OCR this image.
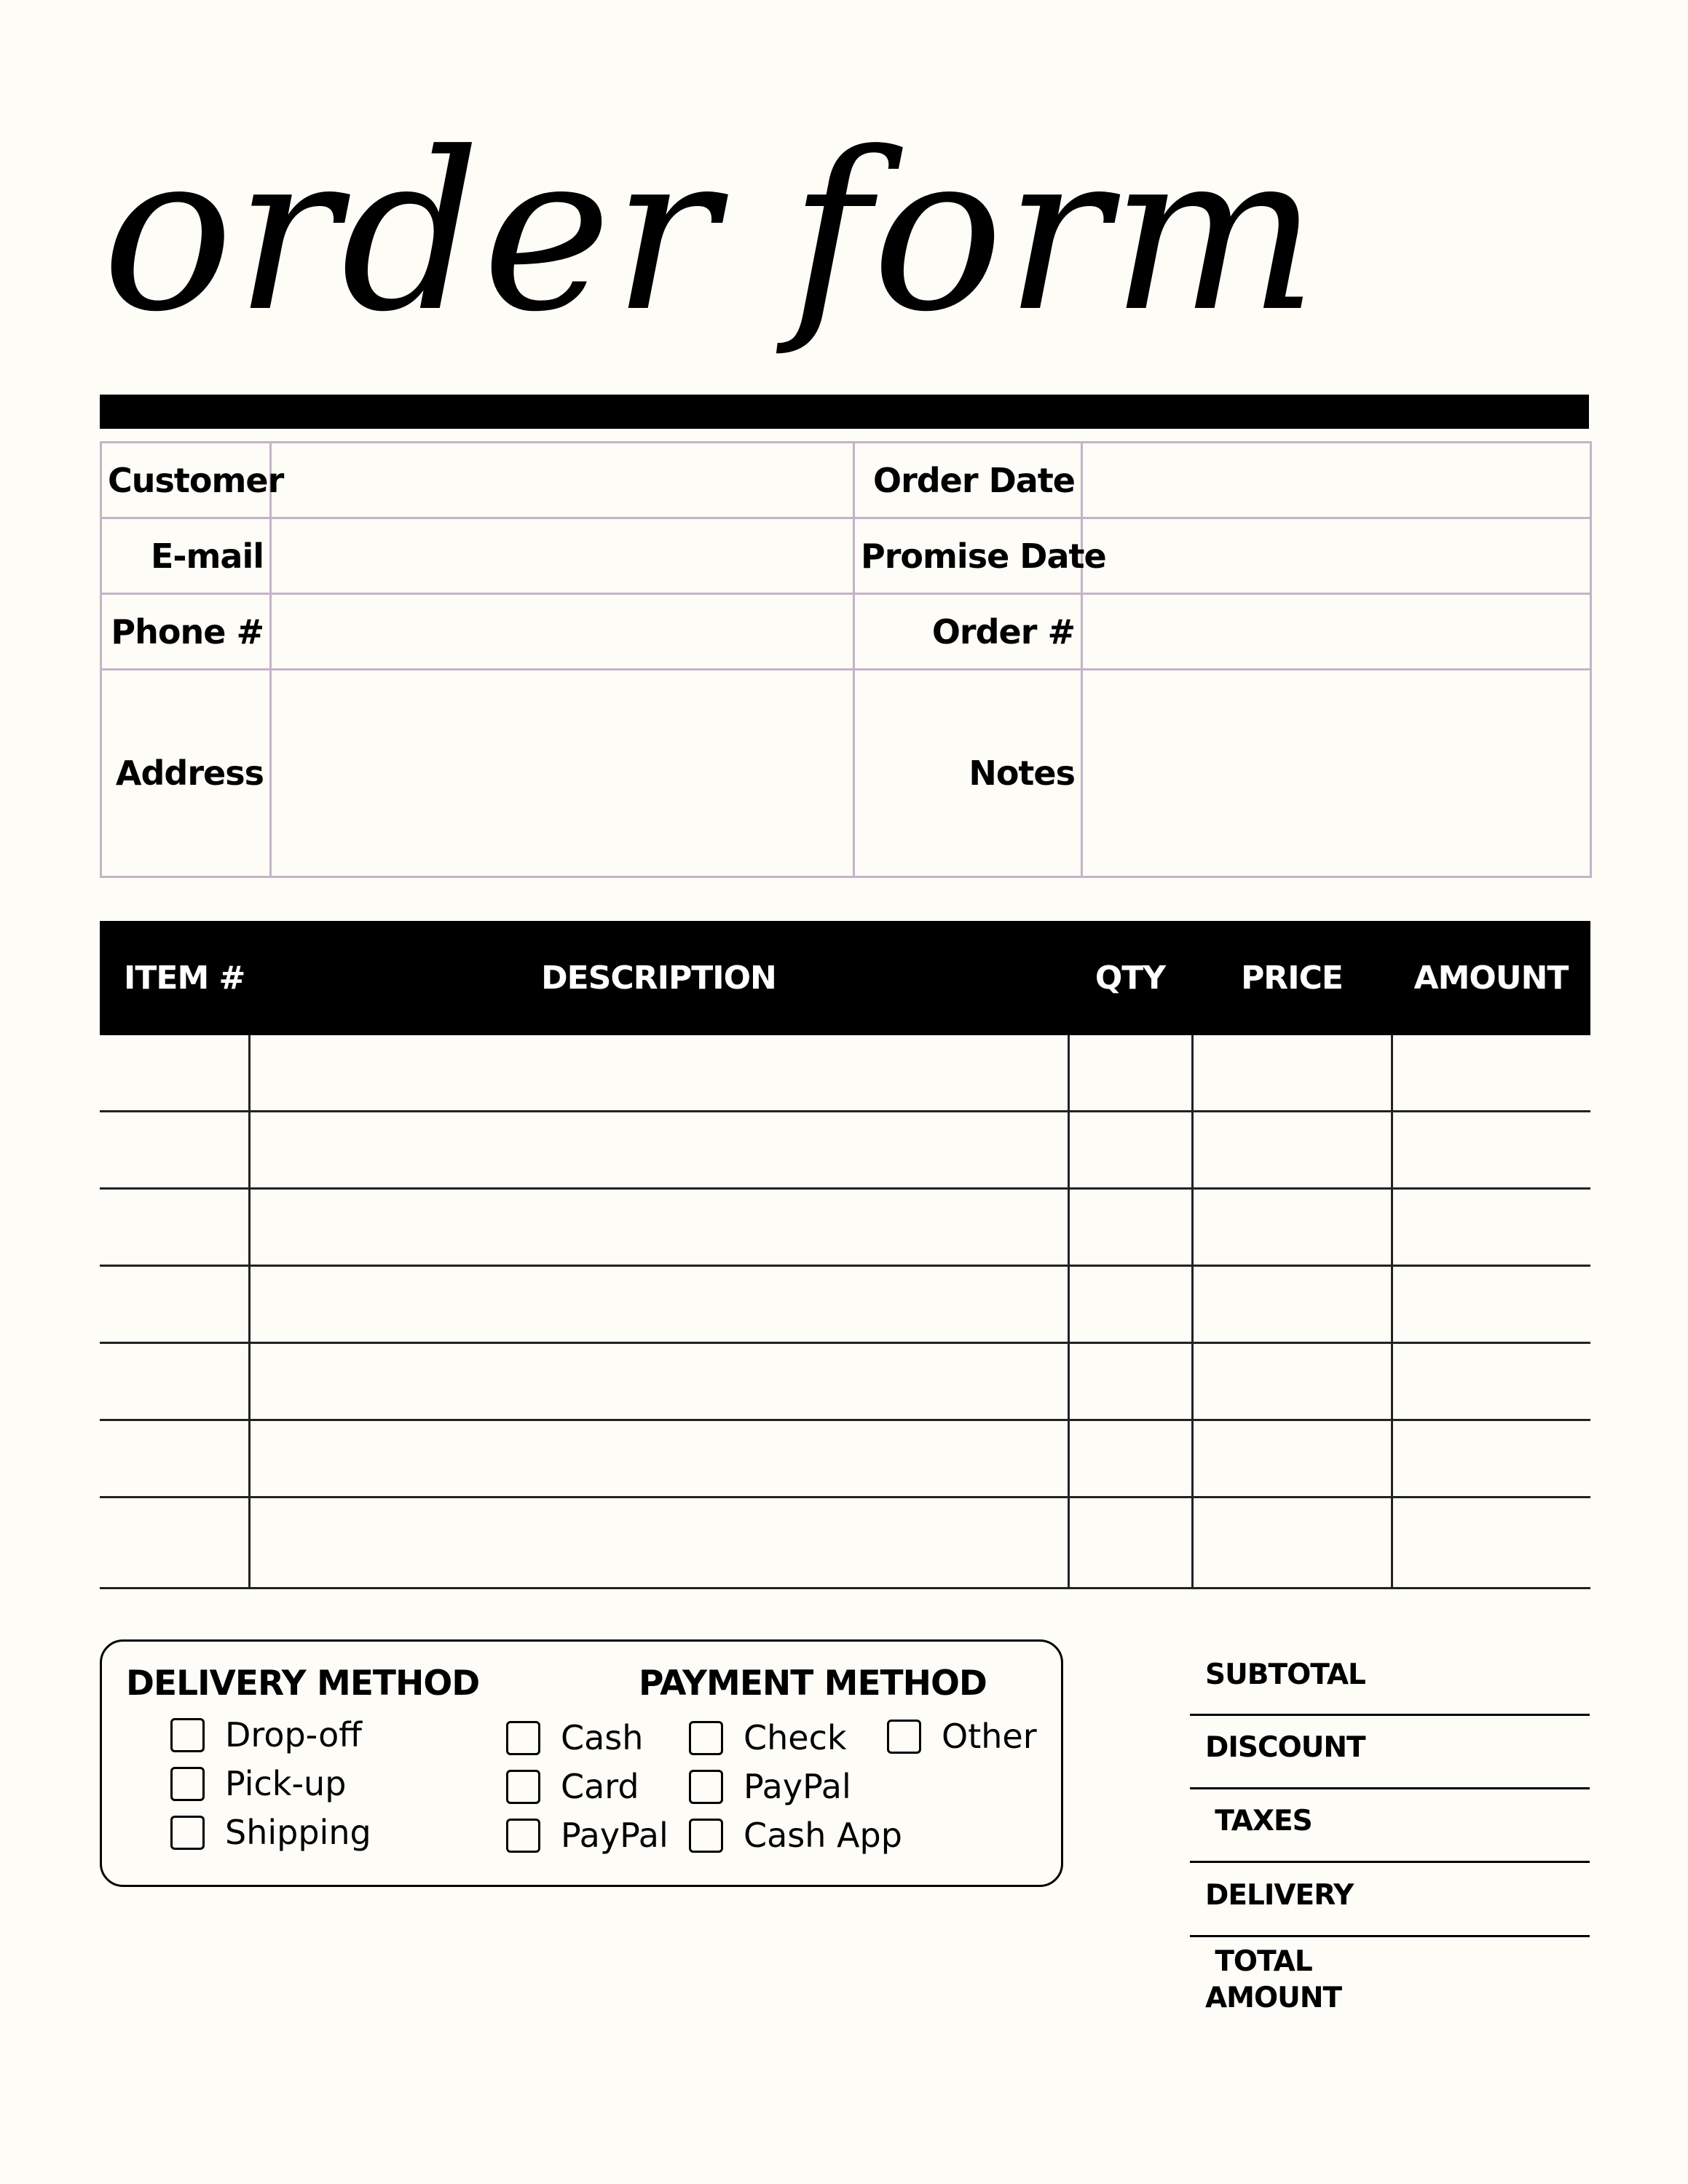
order form
Customer		Order Date	
E-mail		Promise Date	
Phone #		Order #	
Address		Notes	
ITEM #	DESCRIPTION	QTY	PRICE	AMOUNT

DELIVERY METHOD	PAYMENT METHOD
Drop-off
Pick-up
Shipping
Cash	Check	Other
Card	PayPal
PayPal Cash App
SUBTOTAL
DISCOUNT
TAXES
DELIVERY
TOTAL
AMOUNT
